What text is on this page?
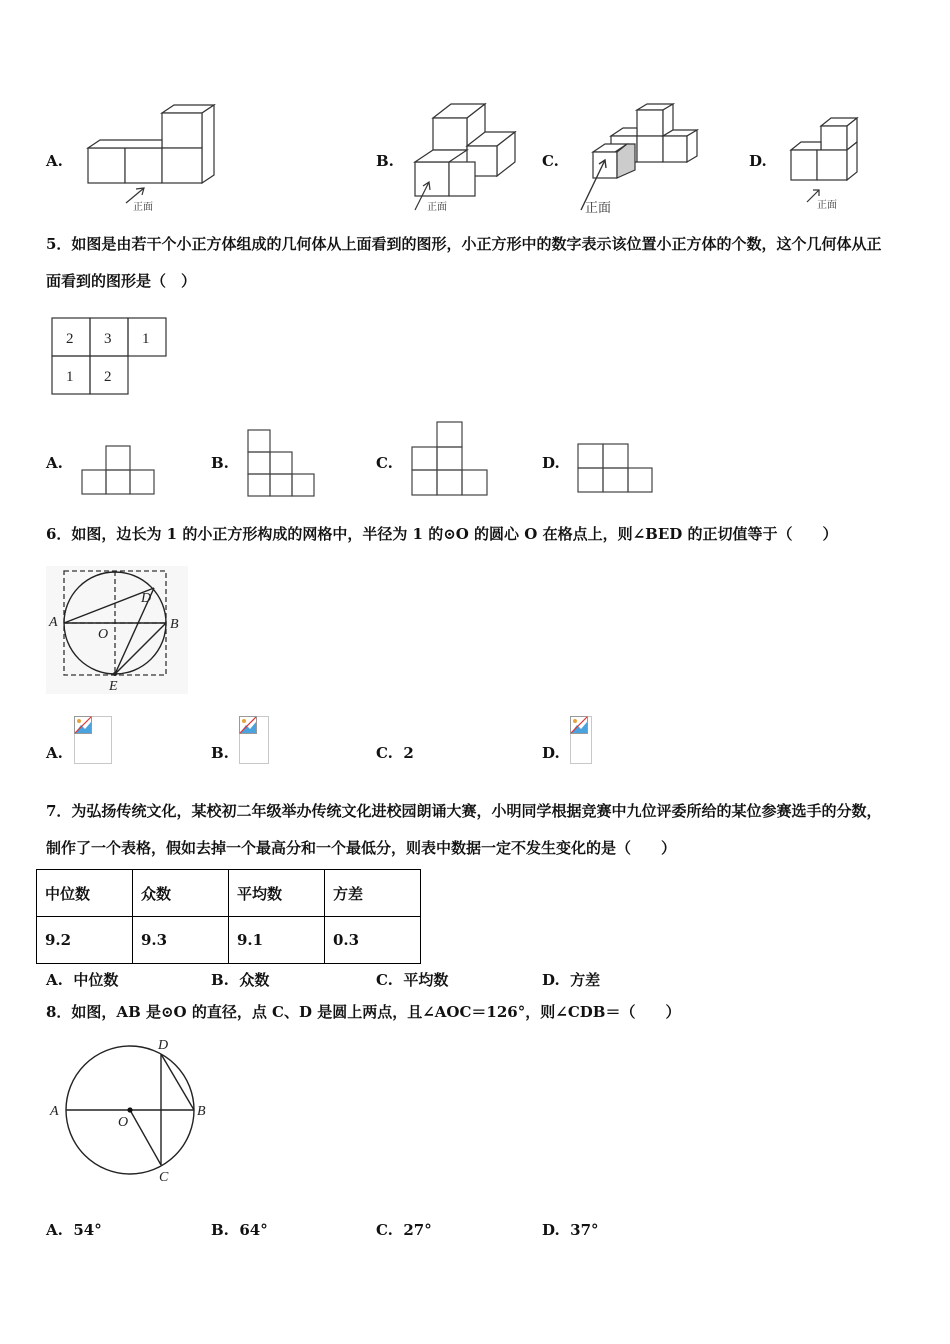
A.
正面
B.
正面
C.
正面
D.
正面
5．如图是由若干个小正方体组成的几何体从上面看到的图形，小正方形中的数字表示该位置小正方体的个数，这个几何体从正面看到的图形是（　）
2 3 1
1 2
A.	B.	C.	D.
6．如图，边长为 1 的小正方形构成的网格中，半径为 1 的⊙O 的圆心 O 在格点上，则∠BED 的正切值等于（　　）
A	B
D
O
E
A.	B.	C. 2	D.
7．为弘扬传统文化，某校初二年级举办传统文化进校园朗诵大赛，小明同学根据竞赛中九位评委所给的某位参赛选手的分数，制作了一个表格，假如去掉一个最高分和一个最低分，则表中数据一定不发生变化的是（　　）
中位数	众数	平均数	方差
9.2	9.3	9.1	0.3
A. 中位数	B. 众数	C. 平均数	D. 方差
8．如图，AB 是⊙O 的直径，点 C、D 是圆上两点，且∠AOC＝126°，则∠CDB＝（　　）
A	B
D
O
C
A. 54°	B. 64°	C. 27°	D. 37°
